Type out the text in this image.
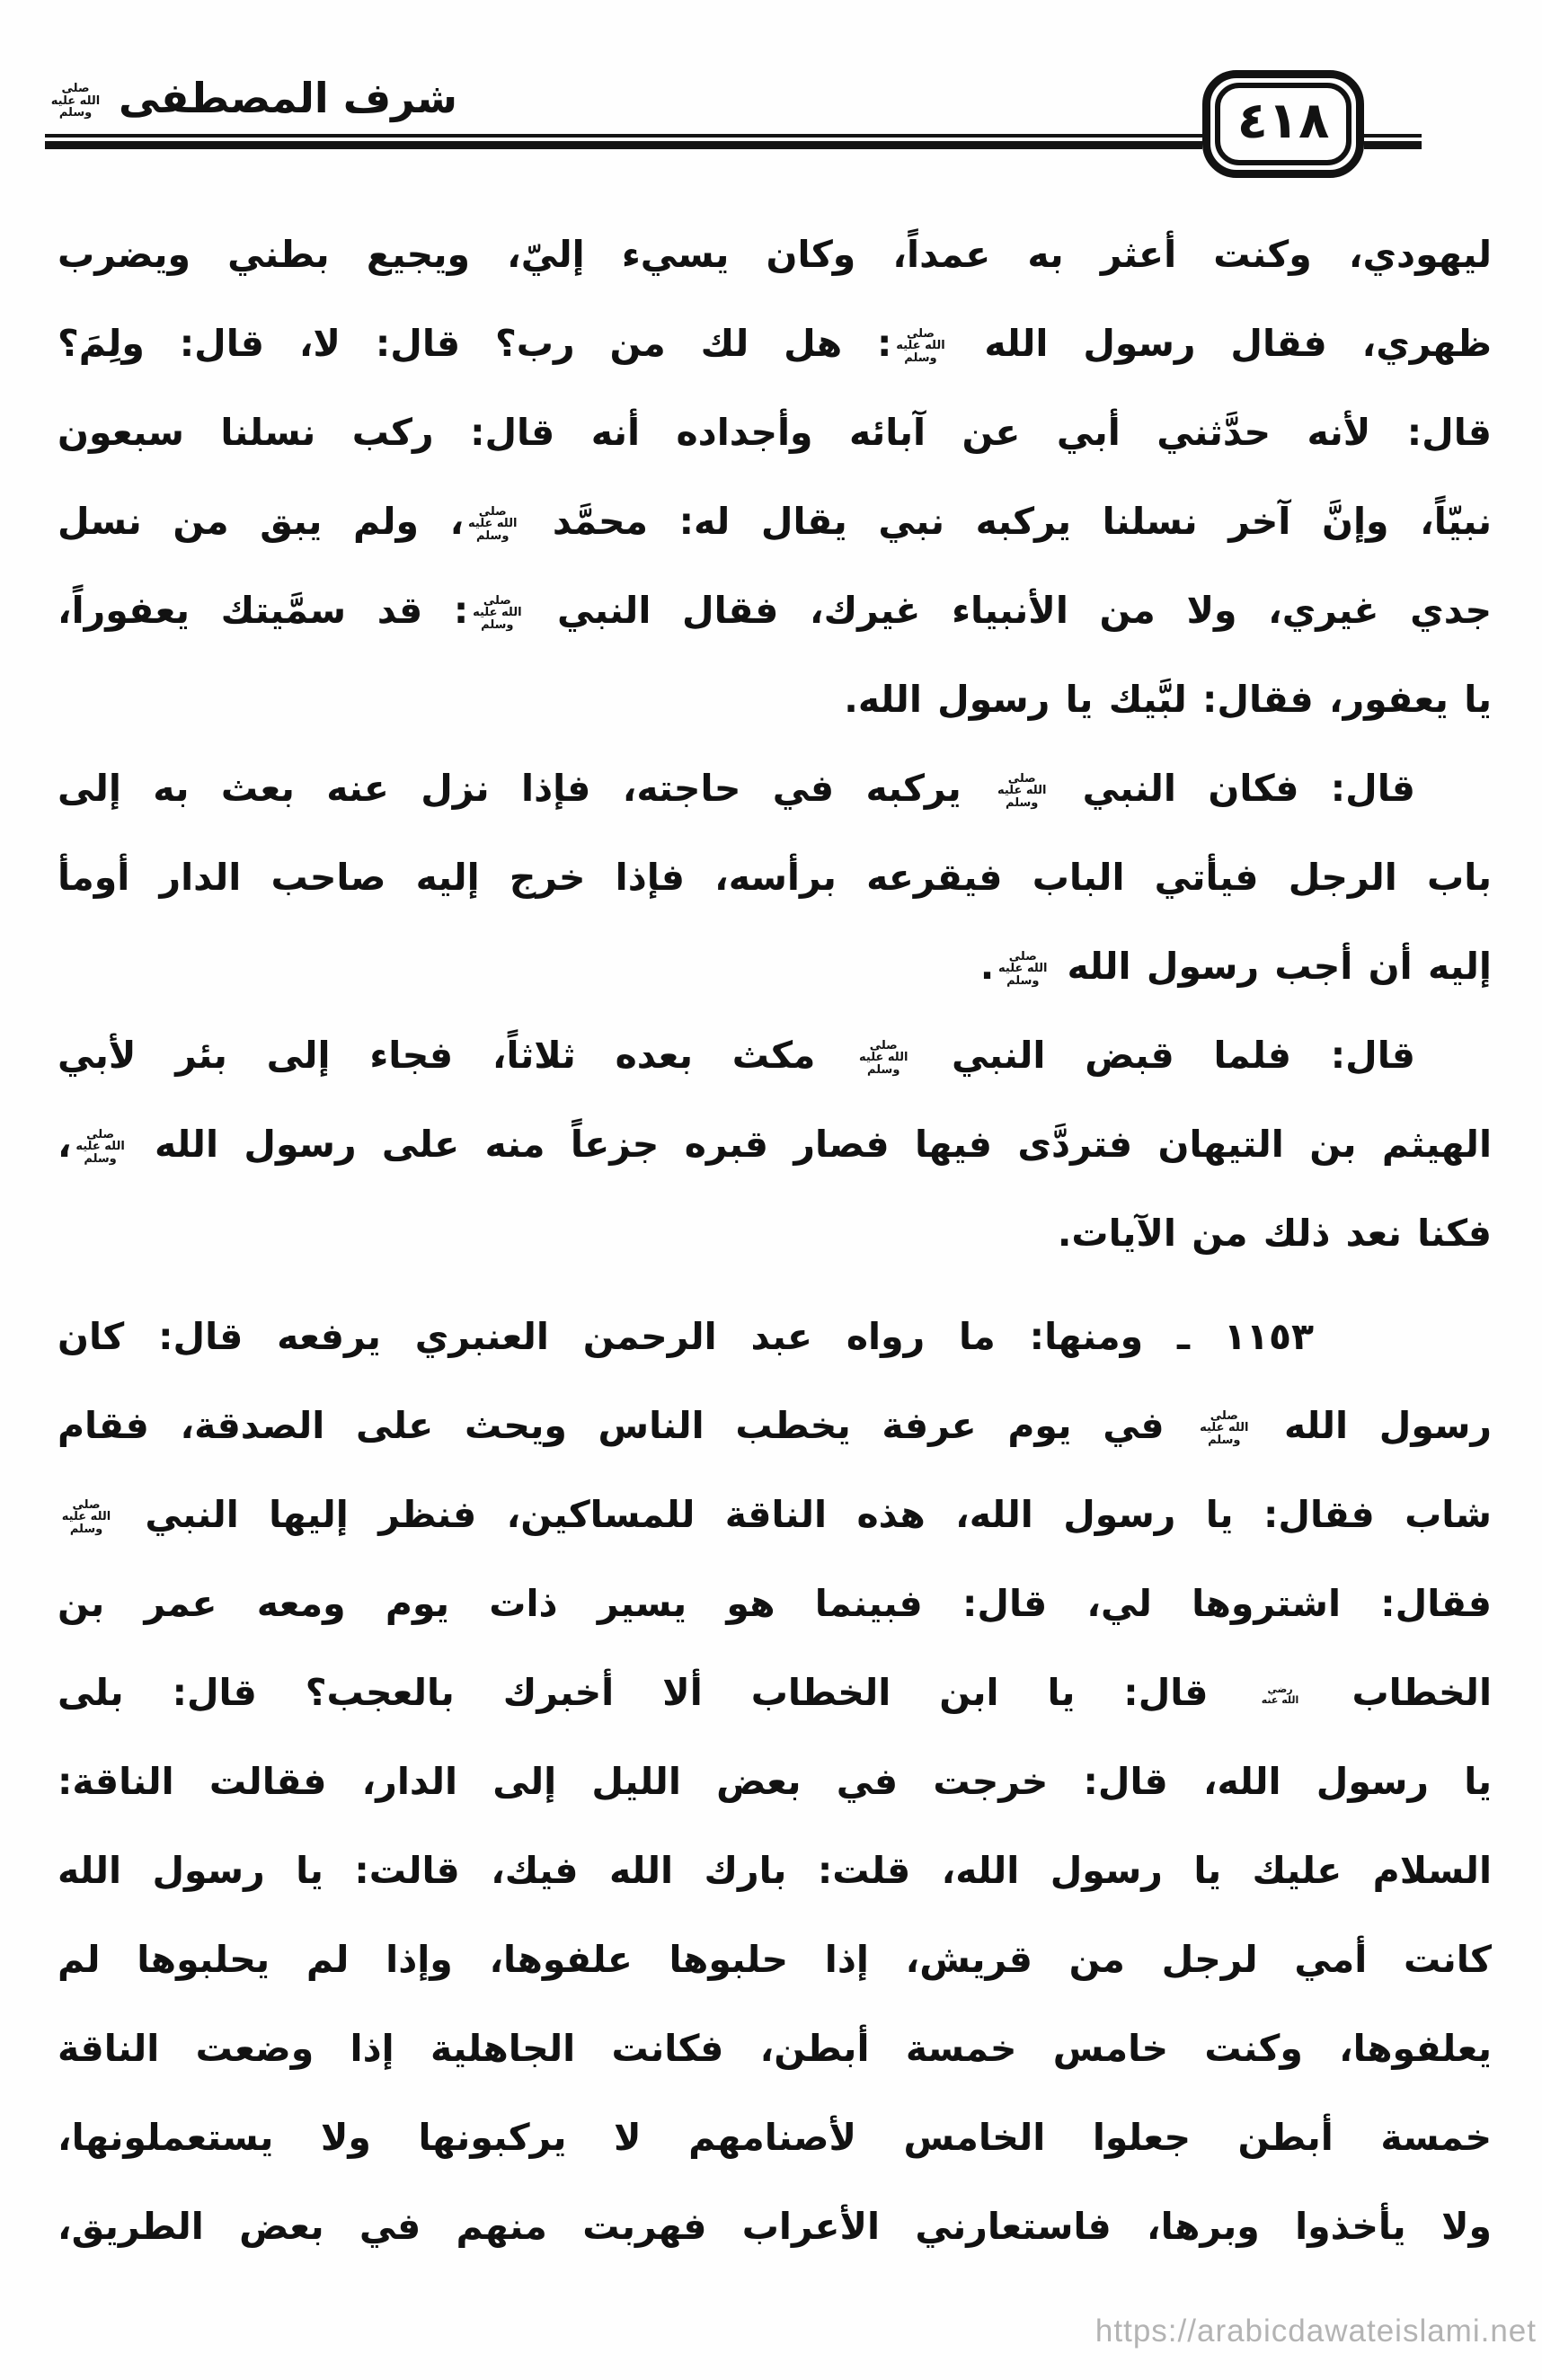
شرف المصطفى صلى الله عليه وسلم	٤١٨
ليهودي، وكنت أعثر به عمداً، وكان يسيء إليّ، ويجيع بطني ويضرب
ظهري، فقال رسول الله صلى الله عليه وسلم: هل لك من رب؟ قال: لا، قال: ولِمَ؟
قال: لأنه حدَّثني أبي عن آبائه وأجداده أنه قال: ركب نسلنا سبعون
نبيّاً، وإنَّ آخر نسلنا يركبه نبي يقال له: محمَّد صلى الله عليه وسلم، ولم يبق من نسل
جدي غيري، ولا من الأنبياء غيرك، فقال النبي صلى الله عليه وسلم: قد سمَّيتك يعفوراً،
يا يعفور، فقال: لبَّيك يا رسول الله.
قال: فكان النبي صلى الله عليه وسلم يركبه في حاجته، فإذا نزل عنه بعث به إلى
باب الرجل فيأتي الباب فيقرعه برأسه، فإذا خرج إليه صاحب الدار أومأ
إليه أن أجب رسول الله صلى الله عليه وسلم.
قال: فلما قبض النبي صلى الله عليه وسلم مكث بعده ثلاثاً، فجاء إلى بئر لأبي
الهيثم بن التيهان فتردَّى فيها فصار قبره جزعاً منه على رسول الله صلى الله عليه وسلم،
فكنا نعد ذلك من الآيات.
١١٥٣ ـ ومنها: ما رواه عبد الرحمن العنبري يرفعه قال: كان
رسول الله صلى الله عليه وسلم في يوم عرفة يخطب الناس ويحث على الصدقة، فقام
شاب فقال: يا رسول الله، هذه الناقة للمساكين، فنظر إليها النبي صلى الله عليه وسلم
فقال: اشتروها لي، قال: فبينما هو يسير ذات يوم ومعه عمر بن
الخطاب رضي الله عنه قال: يا ابن الخطاب ألا أخبرك بالعجب؟ قال: بلى
يا رسول الله، قال: خرجت في بعض الليل إلى الدار، فقالت الناقة:
السلام عليك يا رسول الله، قلت: بارك الله فيك، قالت: يا رسول الله
كانت أمي لرجل من قريش، إذا حلبوها علفوها، وإذا لم يحلبوها لم
يعلفوها، وكنت خامس خمسة أبطن، فكانت الجاهلية إذا وضعت الناقة
خمسة أبطن جعلوا الخامس لأصنامهم لا يركبونها ولا يستعملونها،
ولا يأخذوا وبرها، فاستعارني الأعراب فهربت منهم في بعض الطريق،
https://arabicdawateislami.net
